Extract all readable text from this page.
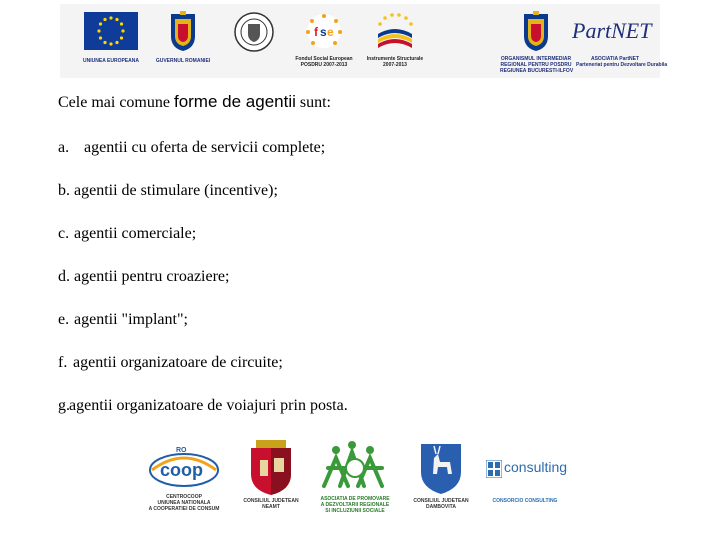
UNIUNEA EUROPEANA	GUVERNUL ROMANIEI
f s e
Fondul Social European
POSDRU 2007-2013
Instrumente Structurale
2007-2013
ORGANISMUL INTERMEDIAR
REGIONAL PENTRU POSDRU
REGIUNEA BUCURESTI-ILFOV
PartNET
ASOCIATIA PartNET
Parteneriat pentru Dezvoltare Durabila
Cele mai comune forme de agentii sunt:
a. agentii cu oferta de servicii complete;
b. agentii de stimulare (incentive);
c. agentii comerciale;
d. agentii pentru croaziere;
e. agentii "implant";
f. agentii organizatoare de circuite;
g.agentii organizatoare de voiajuri prin posta.
coop
RO
CENTROCOOP
UNIUNEA NATIONALA
A COOPERATIEI DE CONSUM
CONSILIUL JUDETEAN
NEAMT
ASOCIATIA DE PROMOVARE
A DEZVOLTARII REGIONALE
SI INCLUZIUNII SOCIALE
CONSILIUL JUDETEAN
DAMBOVITA
consulting
CONSORCIO CONSULTING
